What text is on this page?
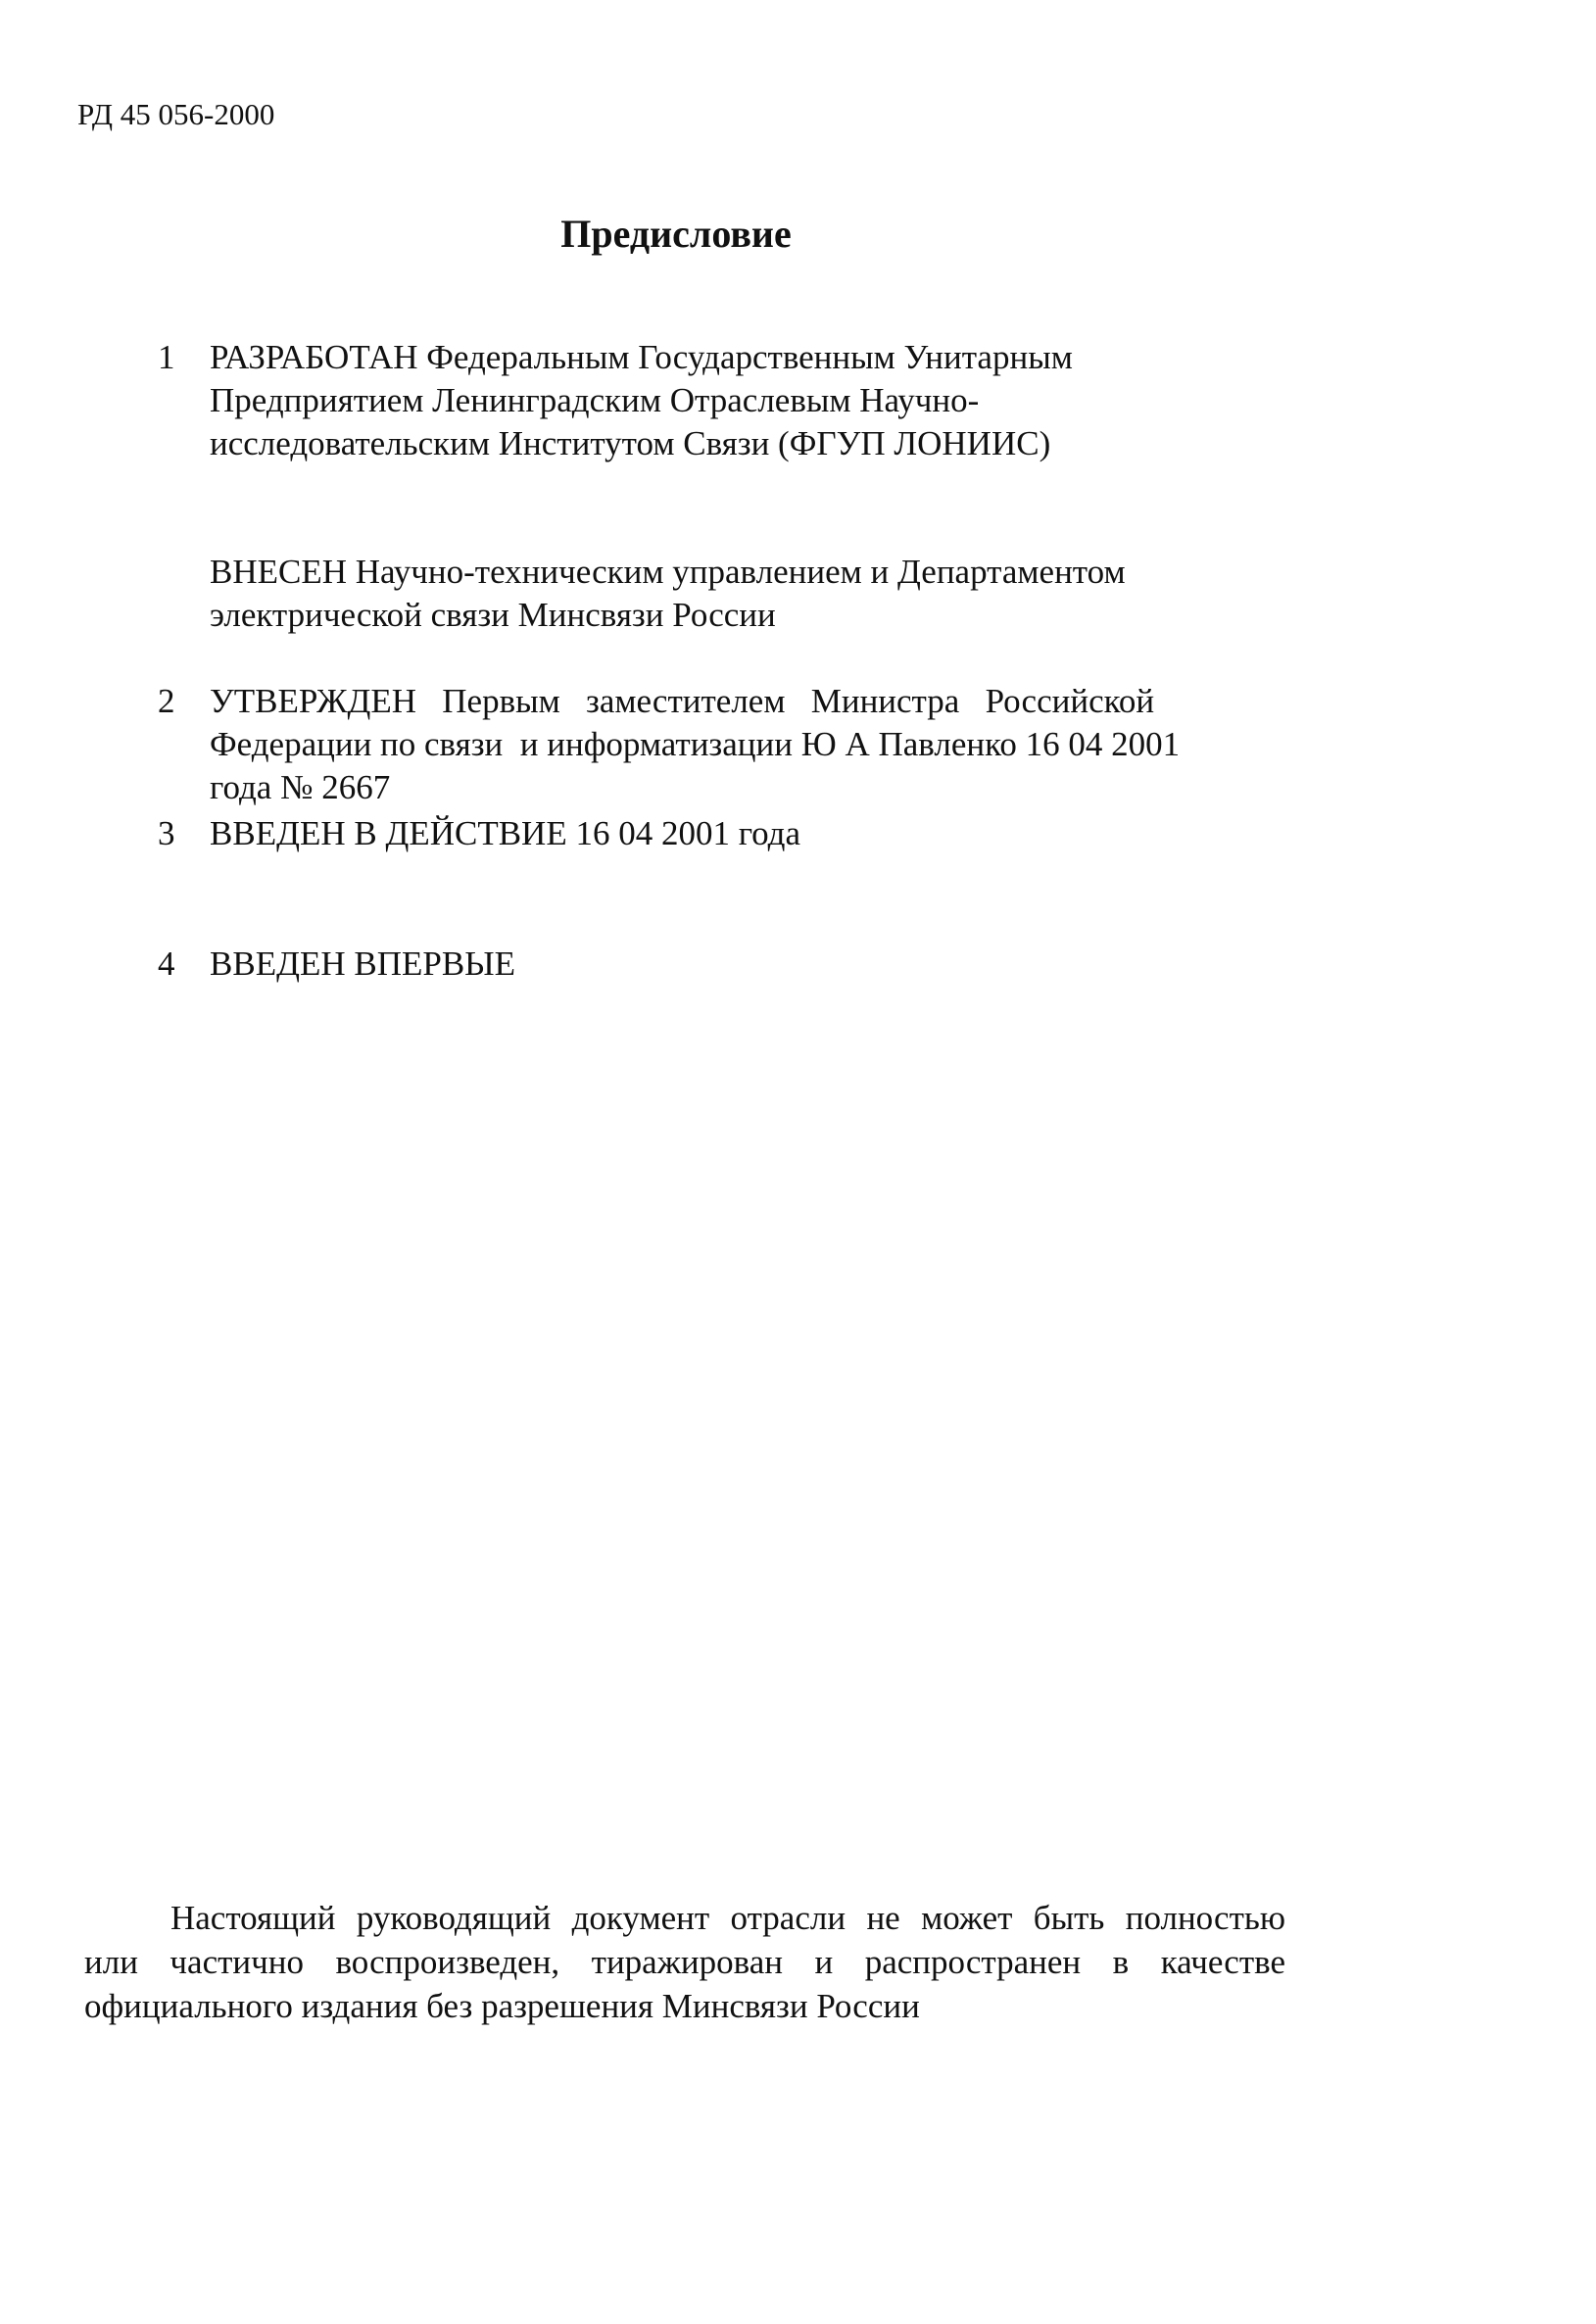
РД 45 056-2000
Предисловие
1 РАЗРАБОТАН Федеральным Государственным Унитарным
Предприятием Ленинградским Отраслевым Научно-
исследовательским Институтом Связи (ФГУП ЛОНИИС)
ВНЕСЕН Научно-техническим управлением и Департаментом
электрической связи Минсвязи России
2 УТВЕРЖДЕН   Первым   заместителем   Министра   Российской
Федерации по связи  и информатизации Ю А Павленко 16 04 2001
года № 2667
3 ВВЕДЕН В ДЕЙСТВИЕ 16 04 2001 года
4 ВВЕДЕН ВПЕРВЫЕ
Настоящий руководящий документ отрасли не может быть полностью
или частично воспроизведен, тиражирован и распространен в качестве
официального издания без разрешения Минсвязи России
